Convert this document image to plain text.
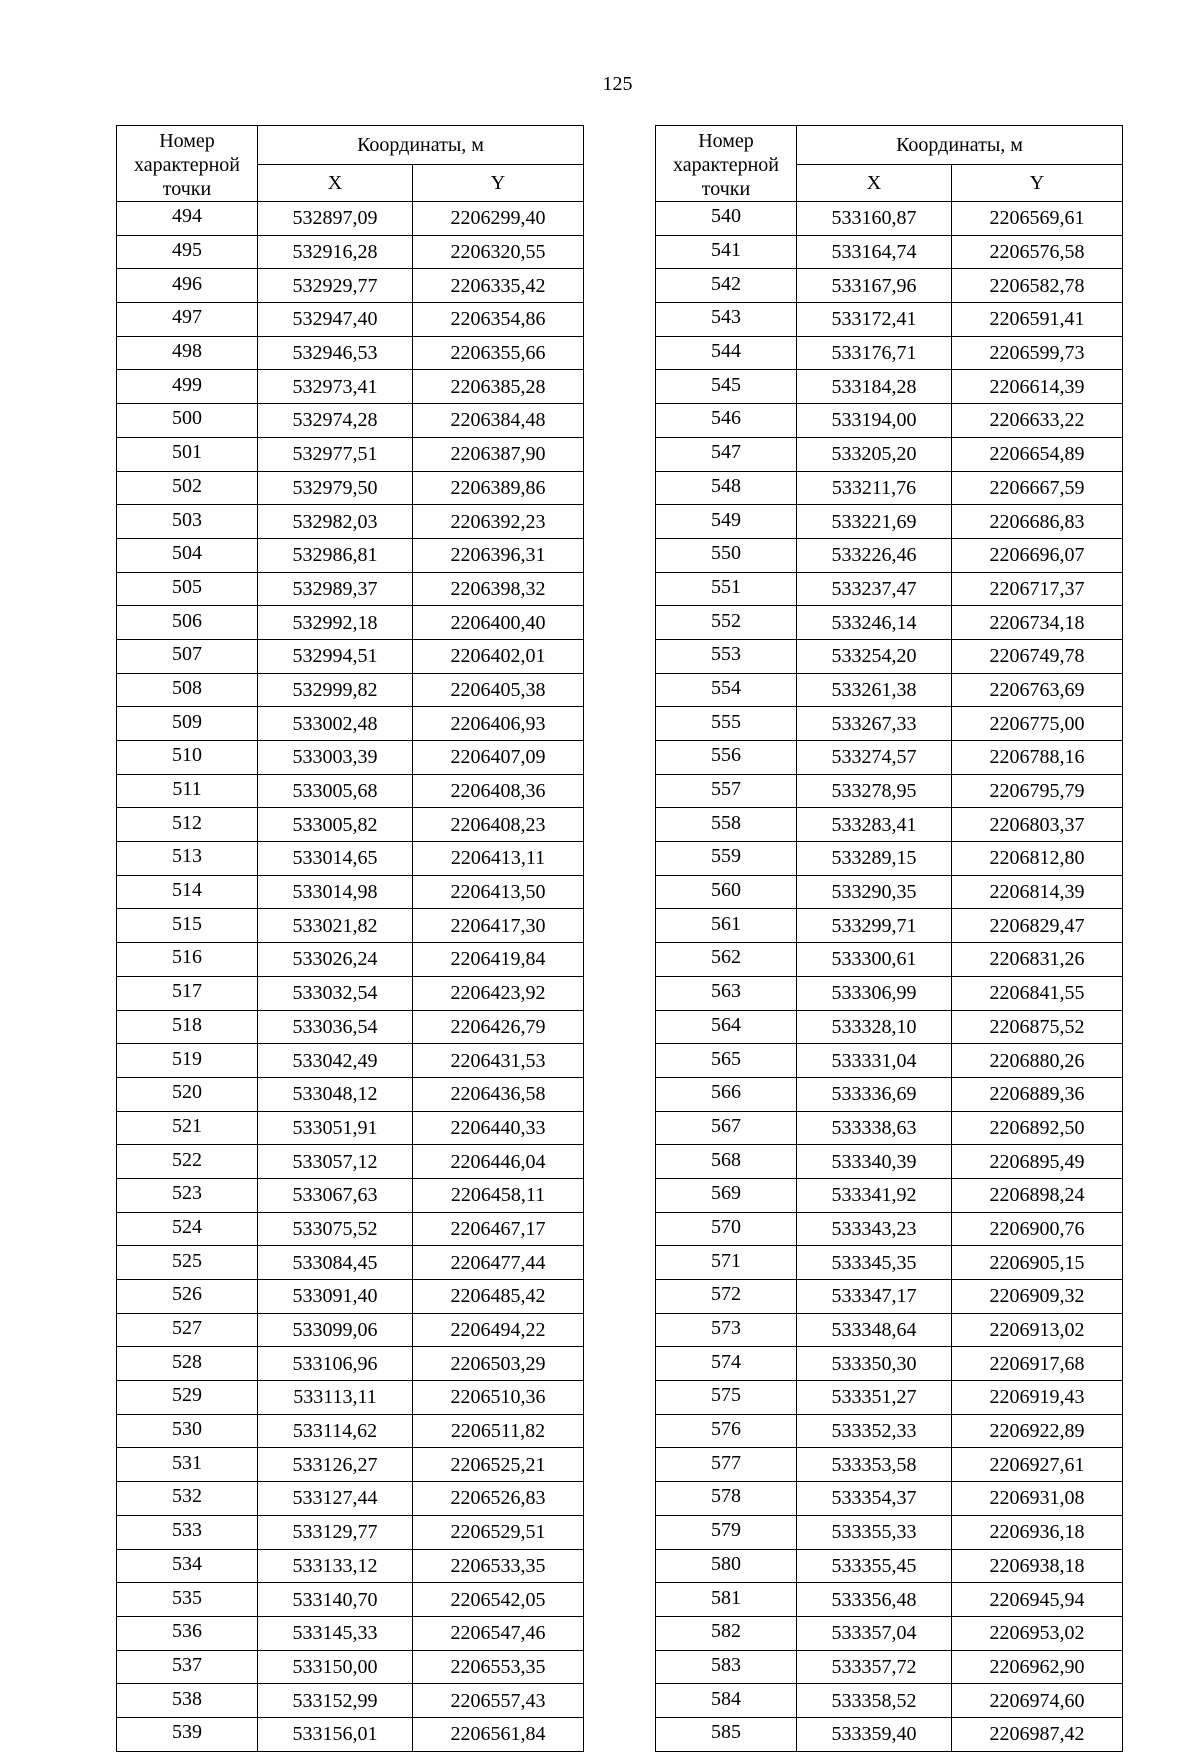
125
Номер характерной точки	Координаты, м	
	X	Y
494	532897,09	2206299,40
495	532916,28	2206320,55
496	532929,77	2206335,42
497	532947,40	2206354,86
498	532946,53	2206355,66
499	532973,41	2206385,28
500	532974,28	2206384,48
501	532977,51	2206387,90
502	532979,50	2206389,86
503	532982,03	2206392,23
504	532986,81	2206396,31
505	532989,37	2206398,32
506	532992,18	2206400,40
507	532994,51	2206402,01
508	532999,82	2206405,38
509	533002,48	2206406,93
510	533003,39	2206407,09
511	533005,68	2206408,36
512	533005,82	2206408,23
513	533014,65	2206413,11
514	533014,98	2206413,50
515	533021,82	2206417,30
516	533026,24	2206419,84
517	533032,54	2206423,92
518	533036,54	2206426,79
519	533042,49	2206431,53
520	533048,12	2206436,58
521	533051,91	2206440,33
522	533057,12	2206446,04
523	533067,63	2206458,11
524	533075,52	2206467,17
525	533084,45	2206477,44
526	533091,40	2206485,42
527	533099,06	2206494,22
528	533106,96	2206503,29
529	533113,11	2206510,36
530	533114,62	2206511,82
531	533126,27	2206525,21
532	533127,44	2206526,83
533	533129,77	2206529,51
534	533133,12	2206533,35
535	533140,70	2206542,05
536	533145,33	2206547,46
537	533150,00	2206553,35
538	533152,99	2206557,43
539	533156,01	2206561,84
Номер характерной точки	Координаты, м	
	X	Y
540	533160,87	2206569,61
541	533164,74	2206576,58
542	533167,96	2206582,78
543	533172,41	2206591,41
544	533176,71	2206599,73
545	533184,28	2206614,39
546	533194,00	2206633,22
547	533205,20	2206654,89
548	533211,76	2206667,59
549	533221,69	2206686,83
550	533226,46	2206696,07
551	533237,47	2206717,37
552	533246,14	2206734,18
553	533254,20	2206749,78
554	533261,38	2206763,69
555	533267,33	2206775,00
556	533274,57	2206788,16
557	533278,95	2206795,79
558	533283,41	2206803,37
559	533289,15	2206812,80
560	533290,35	2206814,39
561	533299,71	2206829,47
562	533300,61	2206831,26
563	533306,99	2206841,55
564	533328,10	2206875,52
565	533331,04	2206880,26
566	533336,69	2206889,36
567	533338,63	2206892,50
568	533340,39	2206895,49
569	533341,92	2206898,24
570	533343,23	2206900,76
571	533345,35	2206905,15
572	533347,17	2206909,32
573	533348,64	2206913,02
574	533350,30	2206917,68
575	533351,27	2206919,43
576	533352,33	2206922,89
577	533353,58	2206927,61
578	533354,37	2206931,08
579	533355,33	2206936,18
580	533355,45	2206938,18
581	533356,48	2206945,94
582	533357,04	2206953,02
583	533357,72	2206962,90
584	533358,52	2206974,60
585	533359,40	2206987,42
